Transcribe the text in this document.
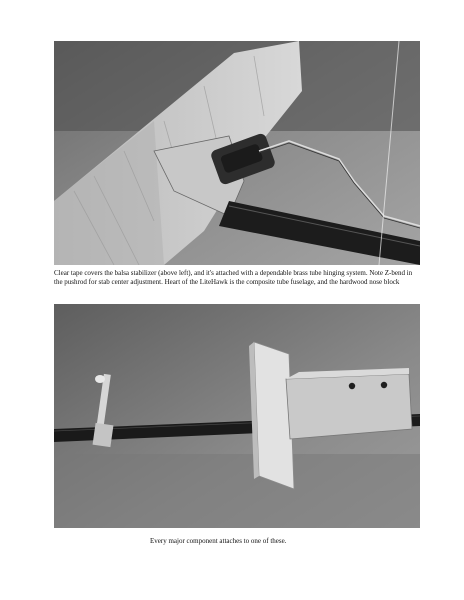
Clear tape covers the balsa stabilizer (above left), and it's attached with a dependable brass tube hinging system. Note Z-bend in the pushrod for stab center adjustment. Heart of the LiteHawk is the composite tube fuselage, and the hardwood nose block
Every major component attaches to one of these.
